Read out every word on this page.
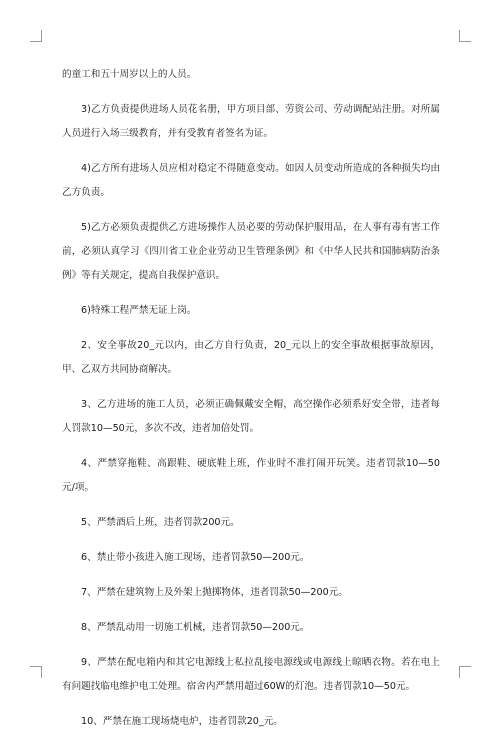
的童工和五十周岁以上的人员。

3)乙方负责提供进场人员花名册，甲方项目部、劳资公司、劳动调配站注册。对所属人员进行入场三级教育，并有受教育者签名为证。

4)乙方所有进场人员应相对稳定不得随意变动。如因人员变动所造成的各种损失均由乙方负责。

5)乙方必须负责提供乙方进场操作人员必要的劳动保护服用品，在人事有毒有害工作前，必须认真学习《四川省工业企业劳动卫生管理条例》和《中华人民共和国肺病防治条例》等有关规定，提高自我保护意识。

6)特殊工程严禁无证上岗。

2、安全事故20_元以内，由乙方自行负责，20_元以上的安全事故根据事故原因，甲、乙双方共同协商解决。

3、乙方进场的施工人员，必须正确佩戴安全帽，高空操作必须系好安全带，违者每人罚款10—50元，多次不改，违者加倍处罚。

4、严禁穿拖鞋、高跟鞋、硬底鞋上班，作业时不准打闹开玩笑。违者罚款10—50元/项。

5、严禁酒后上班，违者罚款200元。

6、禁止带小孩进入施工现场，违者罚款50—200元。

7、严禁在建筑物上及外架上抛掷物体，违者罚款50—200元。

8、严禁乱动用一切施工机械，违者罚款50—200元。

9、严禁在配电箱内和其它电源线上私拉乱接电源线或电源线上晾晒衣物。若在电上有问题找临电维护电工处理。宿舍内严禁用超过60W的灯泡。违者罚款10—50元。

10、严禁在施工现场烧电炉，违者罚款20_元。
